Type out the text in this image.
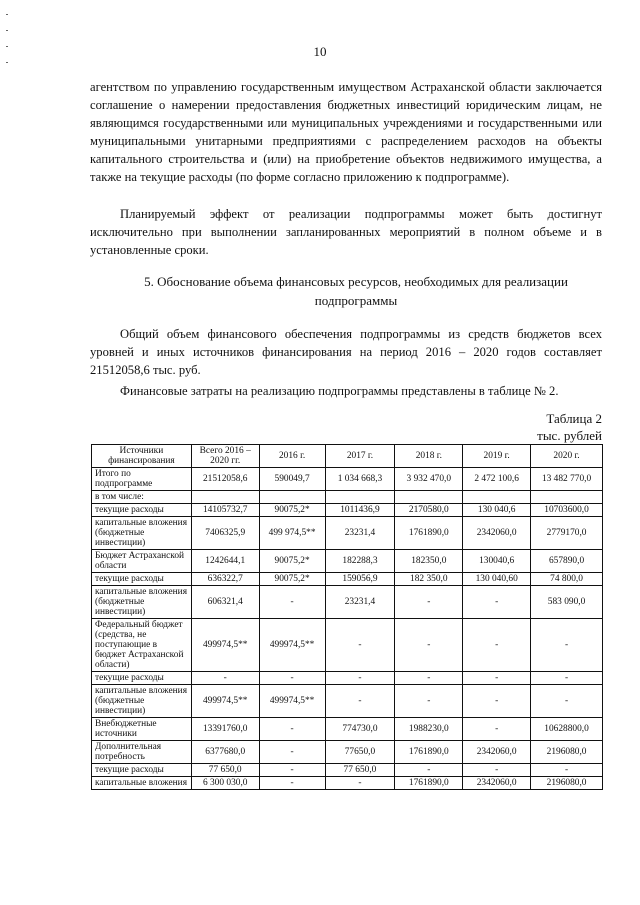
10

агентством по управлению государственным имуществом Астраханской области заключается соглашение о намерении предоставления бюджетных инвестиций юридическим лицам, не являющимся государственными или муниципальных учреждениями и государственными или муниципальными унитарными предприятиями с распределением расходов на объекты капитального строительства и (или) на приобретение объектов недвижимого имущества, а также на текущие расходы (по форме согласно приложению к подпрограмме).

Планируемый эффект от реализации подпрограммы может быть достигнут исключительно при выполнении запланированных мероприятий в полном объеме и в установленные сроки.

5. Обоснование объема финансовых ресурсов, необходимых для реализации подпрограммы

Общий объем финансового обеспечения подпрограммы из средств бюджетов всех уровней и иных источников финансирования на период 2016 – 2020 годов составляет 21512058,6 тыс. руб.

Финансовые затраты на реализацию подпрограммы представлены в таблице № 2.

Таблица 2
тыс. рублей
Источники финансирования	Всего 2016 – 2020 гг.	2016 г.	2017 г.	2018 г.	2019 г.	2020 г.
Итого по подпрограмме	21512058,6	590049,7	1 034 668,3	3 932 470,0	2 472 100,6	13 482 770,0
в том числе:						
текущие расходы	14105732,7	90075,2*	1011436,9	2170580,0	130 040,6	10703600,0
капитальные вложения (бюджетные инвестиции)	7406325,9	499 974,5**	23231,4	1761890,0	2342060,0	2779170,0
Бюджет Астраханской области	1242644,1	90075,2*	182288,3	182350,0	130040,6	657890,0
текущие расходы	636322,7	90075,2*	159056,9	182 350,0	130 040,60	74 800,0
капитальные вложения (бюджетные инвестиции)	606321,4	-	23231,4	-	-	583 090,0
Федеральный бюджет (средства, не поступающие в бюджет Астраханской области)	499974,5**	499974,5**	-	-	-	-
текущие расходы	-	-	-	-	-	-
капитальные вложения (бюджетные инвестиции)	499974,5**	499974,5**	-	-	-	-
Внебюджетные источники	13391760,0	-	774730,0	1988230,0	-	10628800,0
Дополнительная потребность	6377680,0	-	77650,0	1761890,0	2342060,0	2196080,0
текущие расходы	77 650,0	-	77 650,0	-	-	-
капитальные вложения	6 300 030,0	-	-	1761890,0	2342060,0	2196080,0
